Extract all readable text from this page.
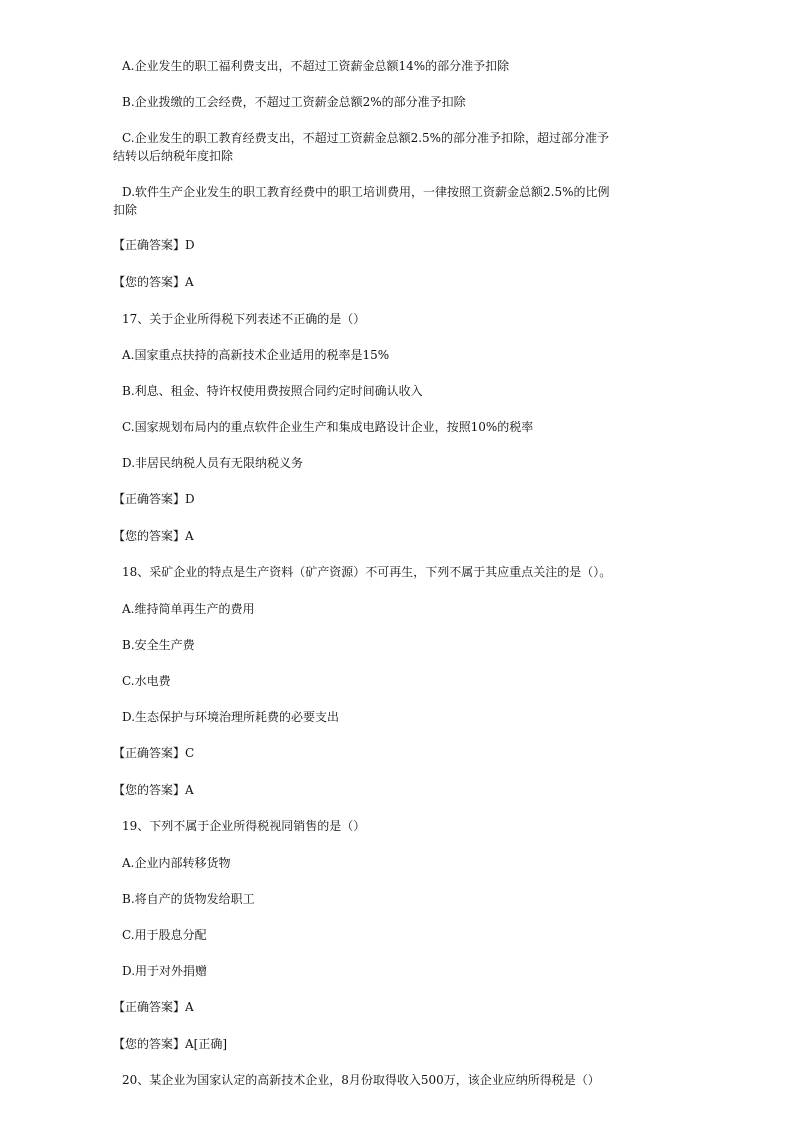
A.企业发生的职工福利费支出，不超过工资薪金总额14%的部分准予扣除
B.企业拨缴的工会经费，不超过工资薪金总额2%的部分准予扣除
C.企业发生的职工教育经费支出，不超过工资薪金总额2.5%的部分准予扣除，超过部分准予
结转以后纳税年度扣除
D.软件生产企业发生的职工教育经费中的职工培训费用，一律按照工资薪金总额2.5%的比例
扣除
【正确答案】D
【您的答案】A
17、关于企业所得税下列表述不正确的是（）
A.国家重点扶持的高新技术企业适用的税率是15%
B.利息、租金、特许权使用费按照合同约定时间确认收入
C.国家规划布局内的重点软件企业生产和集成电路设计企业，按照10%的税率
D.非居民纳税人员有无限纳税义务
【正确答案】D
【您的答案】A
18、采矿企业的特点是生产资料（矿产资源）不可再生，下列不属于其应重点关注的是（）。
A.维持简单再生产的费用
B.安全生产费
C.水电费
D.生态保护与环境治理所耗费的必要支出
【正确答案】C
【您的答案】A
19、下列不属于企业所得税视同销售的是（）
A.企业内部转移货物
B.将自产的货物发给职工
C.用于股息分配
D.用于对外捐赠
【正确答案】A
【您的答案】A[正确]
20、某企业为国家认定的高新技术企业，8月份取得收入500万，该企业应纳所得税是（）
